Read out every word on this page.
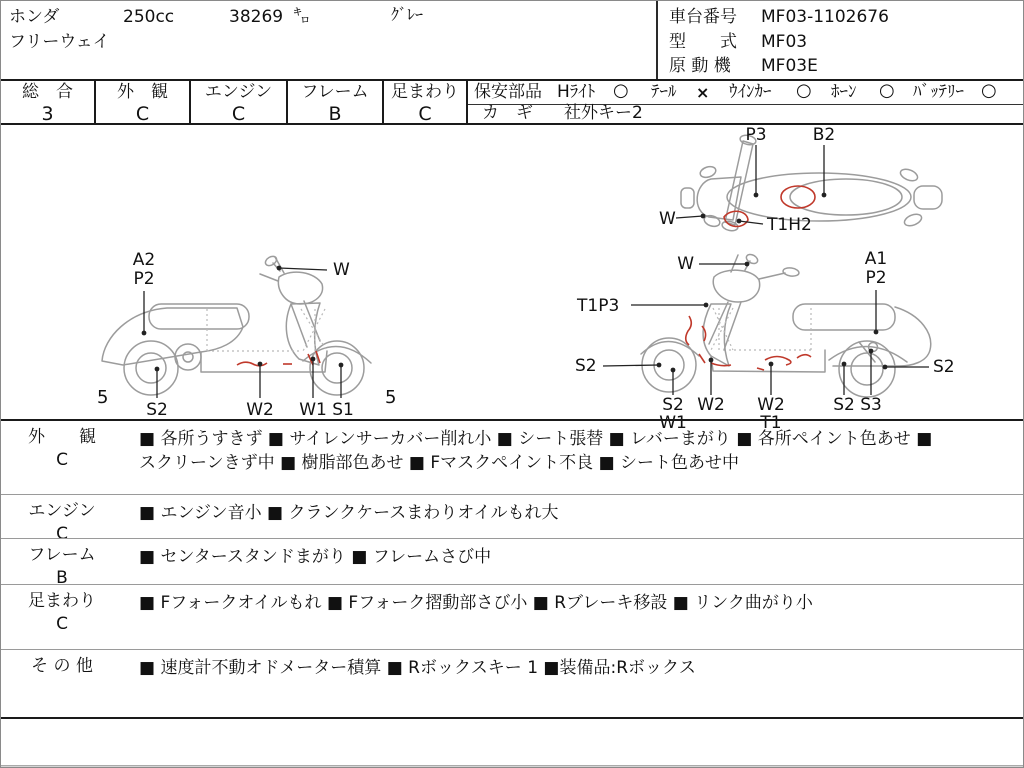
ホンダ	250cc	38269 ㌔	ｸﾞﾚｰ
フリーウェイ
車台番号 MF03-1102676
型　　式 MF03
原 動 機 MF03E
総　合
3
外　観
C
エンジン
C
フレーム
B
足まわり
C
保安部品 Hﾗｲﾄ ○ ﾃｰﾙ × ｳｲﾝｶｰ ○ ﾎｰﾝ ○ ﾊﾞｯﾃﾘｰ ○
カ　ギ 社外キー2
P3	B2
W	T1H2
A2
P2	W
5
S2	W2 W1 S1
5
W
T1P3
A1
P2
S2
S2
W1
W2 W2
T1
S2 S3
S2
外　　観
C
■ 各所うすきず ■ サイレンサーカバー削れ小 ■ シート張替 ■ レバーまがり ■ 各所ペイント色あせ ■
スクリーンきず中 ■ 樹脂部色あせ ■ Fマスクペイント不良 ■ シート色あせ中
エンジン
C
■ エンジン音小 ■ クランクケースまわりオイルもれ大
フレーム
B
■ センタースタンドまがり ■ フレームさび中
足まわり
C
■ Fフォークオイルもれ ■ Fフォーク摺動部さび小 ■ Rブレーキ移設 ■ リンク曲がり小
そ の 他	■ 速度計不動オドメーター積算 ■ Rボックスキー 1 ■装備品:Rボックス
